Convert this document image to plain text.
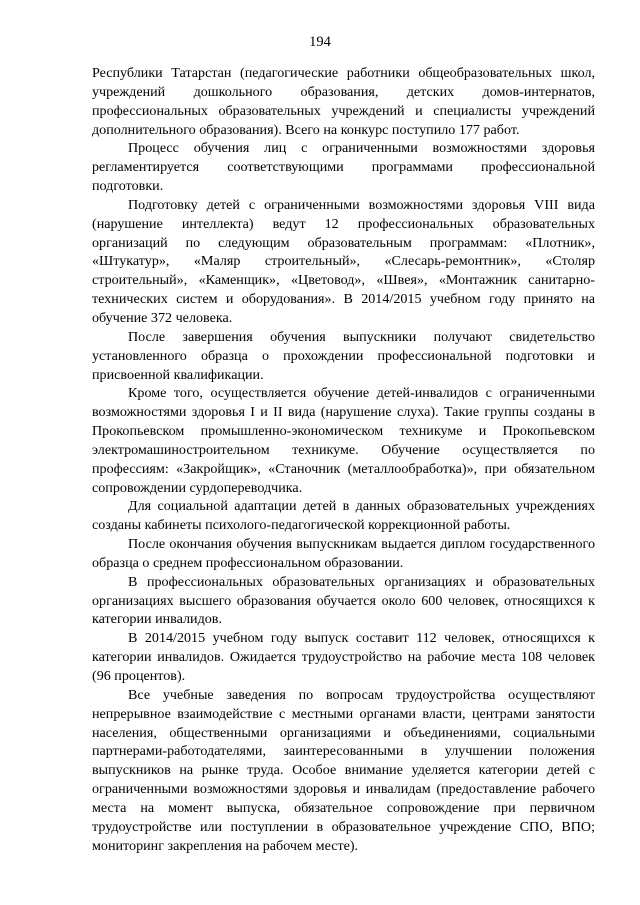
194

Республики Татарстан (педагогические работники общеобразовательных школ, учреждений дошкольного образования, детских домов-интернатов, профессиональных образовательных учреждений и специалисты учреждений дополнительного образования). Всего на конкурс поступило 177 работ.

Процесс обучения лиц с ограниченными возможностями здоровья регламентируется соответствующими программами профессиональной подготовки.

Подготовку детей с ограниченными возможностями здоровья VIII вида (нарушение интеллекта) ведут 12 профессиональных образовательных организаций по следующим образовательным программам: «Плотник», «Штукатур», «Маляр строительный», «Слесарь-ремонтник», «Столяр строительный», «Каменщик», «Цветовод», «Швея», «Монтажник санитарно-технических систем и оборудования». В 2014/2015 учебном году принято на обучение 372 человека.

После завершения обучения выпускники получают свидетельство установленного образца о прохождении профессиональной подготовки и присвоенной квалификации.

Кроме того, осуществляется обучение детей-инвалидов с ограниченными возможностями здоровья I и II вида (нарушение слуха). Такие группы созданы в Прокопьевском промышленно-экономическом техникуме и Прокопьевском электромашиностроительном техникуме. Обучение осуществляется по профессиям: «Закройщик», «Станочник (металлообработка)», при обязательном сопровождении сурдопереводчика.

Для социальной адаптации детей в данных образовательных учреждениях созданы кабинеты психолого-педагогической коррекционной работы.

После окончания обучения выпускникам выдается диплом государственного образца о среднем профессиональном образовании.

В профессиональных образовательных организациях и образовательных организациях высшего образования обучается около 600 человек, относящихся к категории инвалидов.

В 2014/2015 учебном году выпуск составит 112 человек, относящихся к категории инвалидов. Ожидается трудоустройство на рабочие места 108 человек (96 процентов).

Все учебные заведения по вопросам трудоустройства осуществляют непрерывное взаимодействие с местными органами власти, центрами занятости населения, общественными организациями и объединениями, социальными партнерами-работодателями, заинтересованными в улучшении положения выпускников на рынке труда. Особое внимание уделяется категории детей с ограниченными возможностями здоровья и инвалидам (предоставление рабочего места на момент выпуска, обязательное сопровождение при первичном трудоустройстве или поступлении в образовательное учреждение СПО, ВПО; мониторинг закрепления на рабочем месте).
